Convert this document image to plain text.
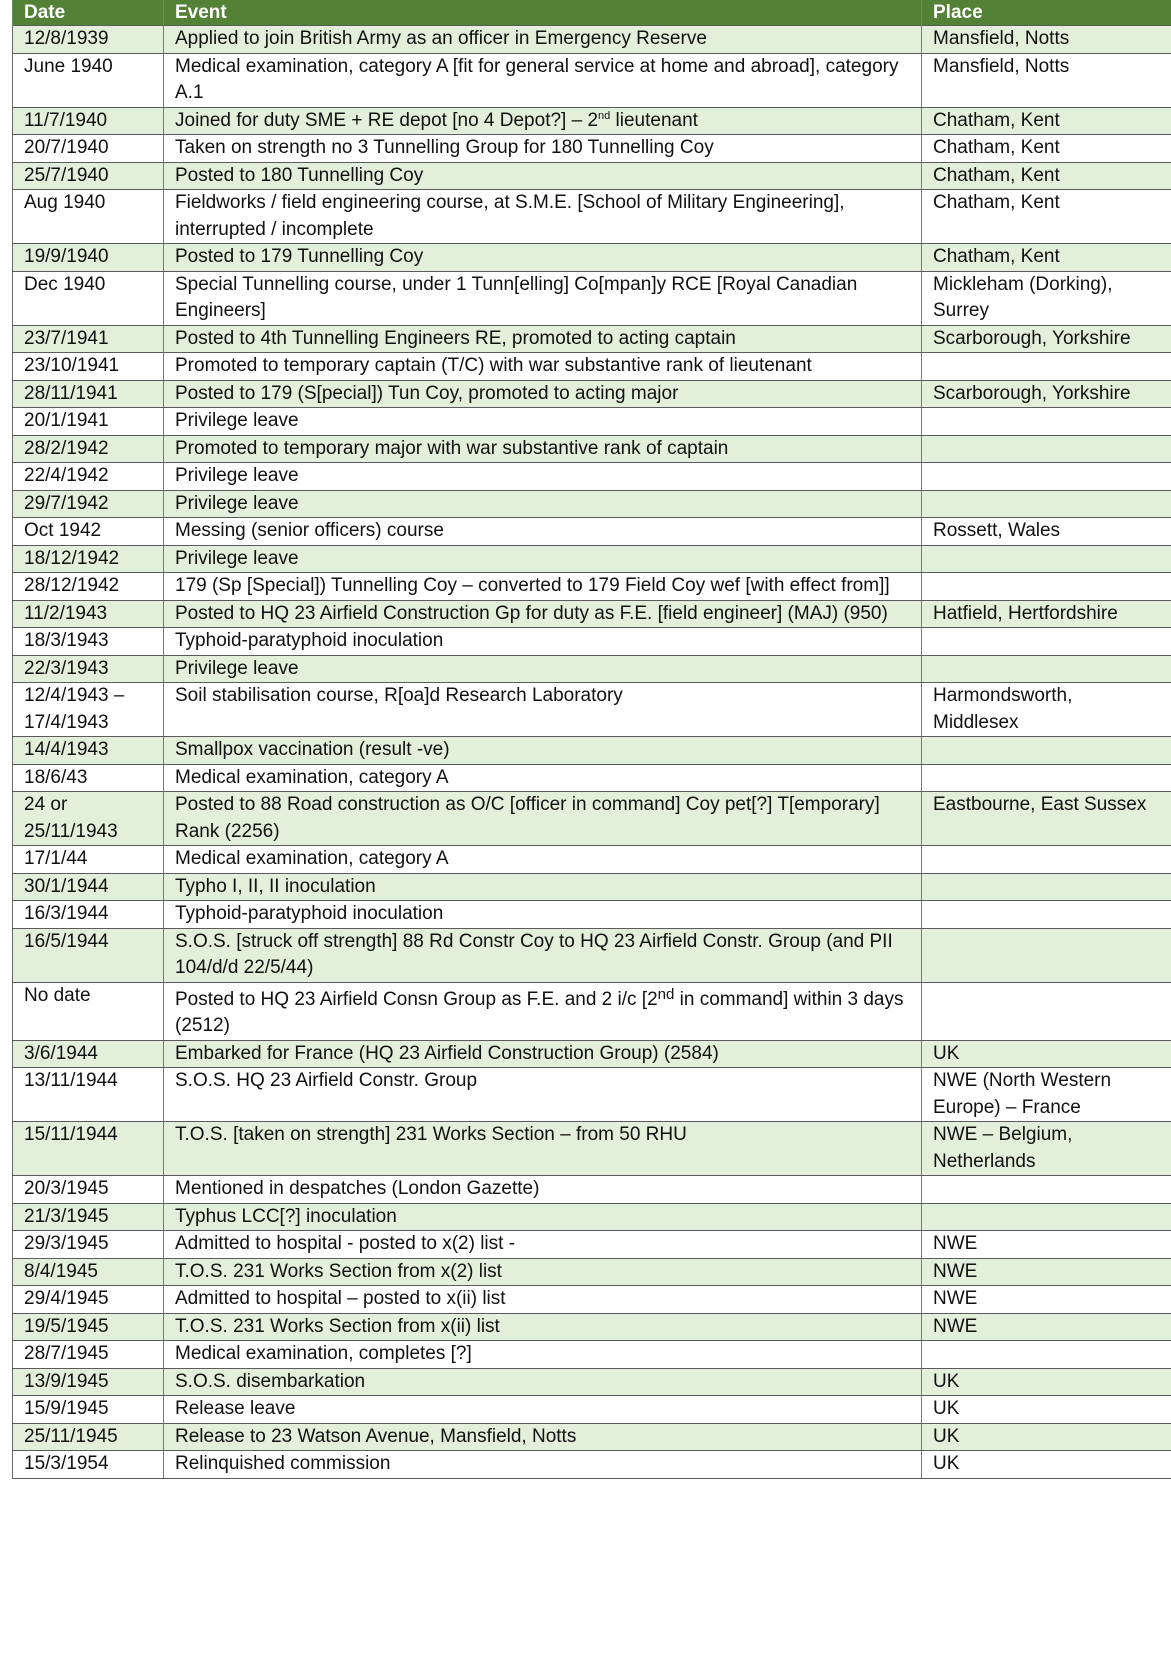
Date	Event	Place
12/8/1939	Applied to join British Army as an officer in Emergency Reserve	Mansfield, Notts
June 1940	Medical examination, category A [fit for general service at home and abroad], category A.1	Mansfield, Notts
11/7/1940	Joined for duty SME + RE depot [no 4 Depot?] – 2nd lieutenant	Chatham, Kent
20/7/1940	Taken on strength no 3 Tunnelling Group for 180 Tunnelling Coy	Chatham, Kent
25/7/1940	Posted to 180 Tunnelling Coy	Chatham, Kent
Aug 1940	Fieldworks / field engineering course, at S.M.E. [School of Military Engineering], interrupted / incomplete	Chatham, Kent
19/9/1940	Posted to 179 Tunnelling Coy	Chatham, Kent
Dec 1940	Special Tunnelling course, under 1 Tunn[elling] Co[mpan]y RCE [Royal Canadian Engineers]	Mickleham (Dorking), Surrey
23/7/1941	Posted to 4th Tunnelling Engineers RE, promoted to acting captain	Scarborough, Yorkshire
23/10/1941	Promoted to temporary captain (T/C) with war substantive rank of lieutenant	
28/11/1941	Posted to 179 (S[pecial]) Tun Coy, promoted to acting major	Scarborough, Yorkshire
20/1/1941	Privilege leave	
28/2/1942	Promoted to temporary major with war substantive rank of captain	
22/4/1942	Privilege leave	
29/7/1942	Privilege leave	
Oct 1942	Messing (senior officers) course	Rossett, Wales
18/12/1942	Privilege leave	
28/12/1942	179 (Sp [Special]) Tunnelling Coy – converted to 179 Field Coy wef [with effect from]]	
11/2/1943	Posted to HQ 23 Airfield Construction Gp for duty as F.E. [field engineer] (MAJ) (950)	Hatfield, Hertfordshire
18/3/1943	Typhoid-paratyphoid inoculation	
22/3/1943	Privilege leave	
12/4/1943 – 17/4/1943	Soil stabilisation course, R[oa]d Research Laboratory	Harmondsworth, Middlesex
14/4/1943	Smallpox vaccination (result -ve)	
18/6/43	Medical examination, category A	
24 or 25/11/1943	Posted to 88 Road construction as O/C [officer in command] Coy pet[?] T[emporary] Rank (2256)	Eastbourne, East Sussex
17/1/44	Medical examination, category A	
30/1/1944	Typho I, II, II inoculation	
16/3/1944	Typhoid-paratyphoid inoculation	
16/5/1944	S.O.S. [struck off strength] 88 Rd Constr Coy to HQ 23 Airfield Constr. Group (and PII 104/d/d 22/5/44)	
No date	Posted to HQ 23 Airfield Consn Group as F.E. and 2 i/c [2nd in command] within 3 days (2512)	
3/6/1944	Embarked for France (HQ 23 Airfield Construction Group) (2584)	UK
13/11/1944	S.O.S. HQ 23 Airfield Constr. Group	NWE (North Western Europe) – France
15/11/1944	T.O.S. [taken on strength] 231 Works Section – from 50 RHU	NWE – Belgium, Netherlands
20/3/1945	Mentioned in despatches (London Gazette)	
21/3/1945	Typhus LCC[?] inoculation	
29/3/1945	Admitted to hospital - posted to x(2) list -	NWE
8/4/1945	T.O.S. 231 Works Section from x(2) list	NWE
29/4/1945	Admitted to hospital – posted to x(ii) list	NWE
19/5/1945	T.O.S. 231 Works Section from x(ii) list	NWE
28/7/1945	Medical examination, completes [?]	
13/9/1945	S.O.S. disembarkation	UK
15/9/1945	Release leave	UK
25/11/1945	Release to 23 Watson Avenue, Mansfield, Notts	UK
15/3/1954	Relinquished commission	UK
